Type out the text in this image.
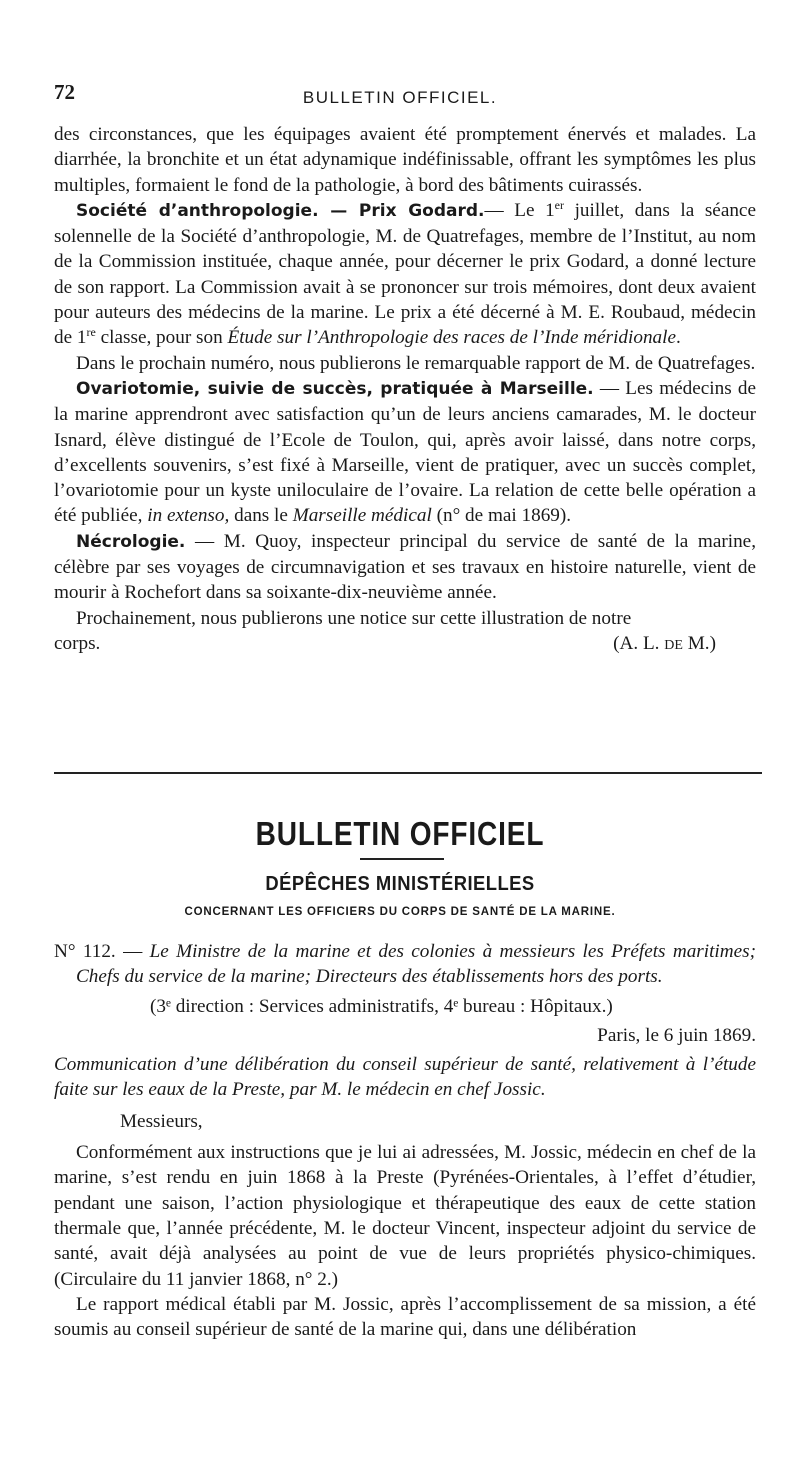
72	BULLETIN OFFICIEL.

des circonstances, que les équipages avaient été promptement énervés et malades. La diarrhée, la bronchite et un état adynamique indéfinissable, offrant les symptômes les plus multiples, formaient le fond de la pathologie, à bord des bâtiments cuirassés.

Société d’anthropologie. — Prix Godard.— Le 1er juillet, dans la séance solennelle de la Société d’anthropologie, M. de Quatrefages, membre de l’Institut, au nom de la Commission instituée, chaque année, pour décerner le prix Godard, a donné lecture de son rapport. La Commission avait à se prononcer sur trois mémoires, dont deux avaient pour auteurs des médecins de la marine. Le prix a été décerné à M. E. Roubaud, médecin de 1re classe, pour son Étude sur l’Anthropologie des races de l’Inde méridionale.

Dans le prochain numéro, nous publierons le remarquable rapport de M. de Quatrefages.

Ovariotomie, suivie de succès, pratiquée à Marseille. — Les médecins de la marine apprendront avec satisfaction qu’un de leurs anciens camarades, M. le docteur Isnard, élève distingué de l’Ecole de Toulon, qui, après avoir laissé, dans notre corps, d’excellents souvenirs, s’est fixé à Marseille, vient de pratiquer, avec un succès complet, l’ovariotomie pour un kyste uniloculaire de l’ovaire. La relation de cette belle opération a été publiée, in extenso, dans le Marseille médical (n° de mai 1869).

Nécrologie. — M. Quoy, inspecteur principal du service de santé de la marine, célèbre par ses voyages de circumnavigation et ses travaux en histoire naturelle, vient de mourir à Rochefort dans sa soixante-dix-neuvième année.

Prochainement, nous publierons une notice sur cette illustration de notre

corps.	(A. L. DE M.)
BULLETIN OFFICIEL
DÉPÊCHES MINISTÉRIELLES
CONCERNANT LES OFFICIERS DU CORPS DE SANTÉ DE LA MARINE.

N° 112. — Le Ministre de la marine et des colonies à messieurs les Préfets maritimes; Chefs du service de la marine; Directeurs des établissements hors des ports.

(3ᵉ direction : Services administratifs, 4ᵉ bureau : Hôpitaux.)

Paris, le 6 juin 1869.

Communication d’une délibération du conseil supérieur de santé, relativement à l’étude faite sur les eaux de la Preste, par M. le médecin en chef Jossic.

Messieurs,

Conformément aux instructions que je lui ai adressées, M. Jossic, médecin en chef de la marine, s’est rendu en juin 1868 à la Preste (Pyrénées-Orientales, à l’effet d’étudier, pendant une saison, l’action physiologique et thérapeutique des eaux de cette station thermale que, l’année précédente, M. le docteur Vincent, inspecteur adjoint du service de santé, avait déjà analysées au point de vue de leurs propriétés physico-chimiques. (Circulaire du 11 janvier 1868, n° 2.)

Le rapport médical établi par M. Jossic, après l’accomplissement de sa mission, a été soumis au conseil supérieur de santé de la marine qui, dans une délibération
